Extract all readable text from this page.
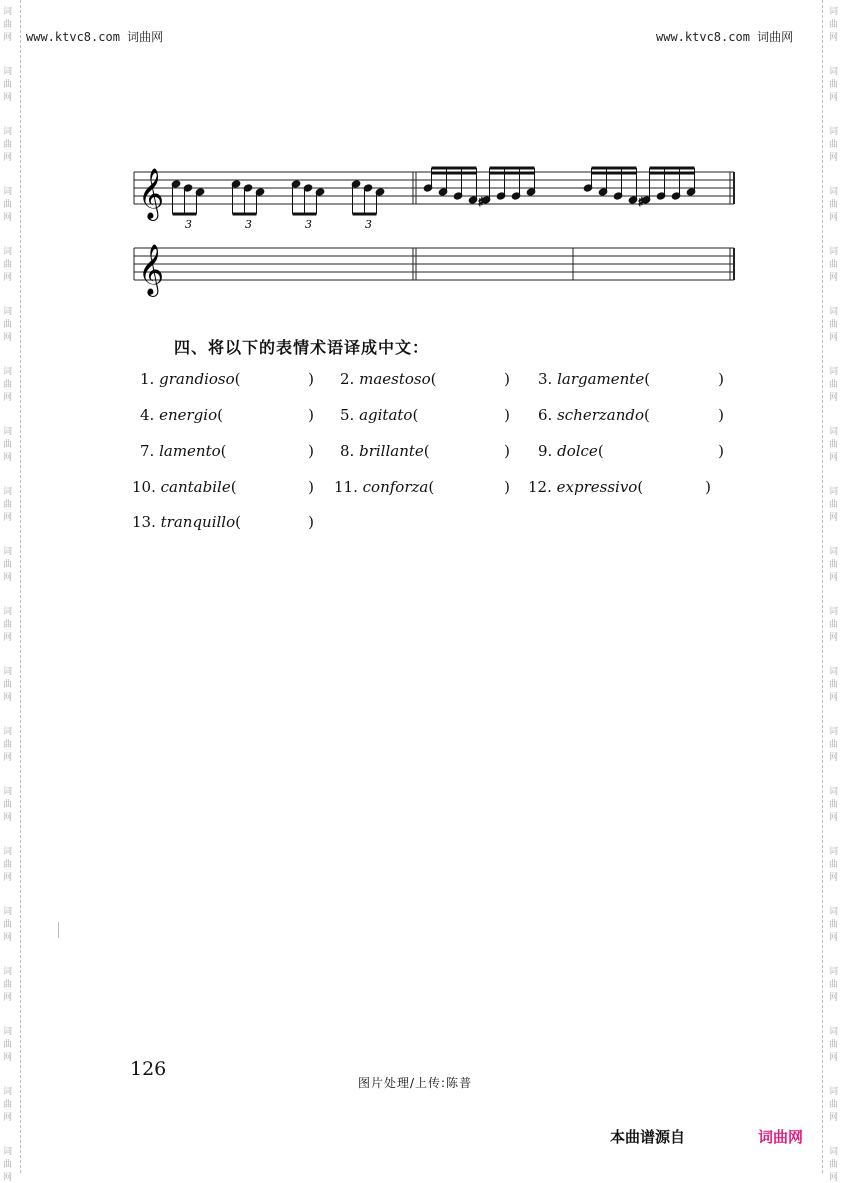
词
曲
网
词
曲
网
词
曲
网
词
曲
网
词
曲
网
词
曲
网
词
曲
网
词
曲
网
词
曲
网
词
曲
网
词
曲
网
词
曲
网
词
曲
网
词
曲
网
词
曲
网
词
曲
网
词
曲
网
词
曲
网
词
曲
网
词
曲
网
词
曲
网
词
曲
网
词
曲
网
词
曲
网
词
曲
网
词
曲
网
词
曲
网
词
曲
网
词
曲
网
词
曲
网
词
曲
网
词
曲
网
词
曲
网
词
曲
网
词
曲
网
词
曲
网
词
曲
网
词
曲
网
词
曲
网
词
曲
网
www.ktvc8.com 词曲网	www.ktvc8.com 词曲网
𝄞
𝄞
♯	♯
3	3	3	3
四、将以下的表情术语译成中文：
1. grandioso(	) 2. maestoso(	) 3. largamente(	)
4. energio(	) 5. agitato(	) 6. scherzando(	)
7. lamento(	) 8. brillante(	) 9. dolce(	)
10. cantabile(	) 11. conforza(	) 12. expressivo(	)
13. tranquillo(	)
126
图片处理/上传:陈普
本曲谱源自	词曲网
